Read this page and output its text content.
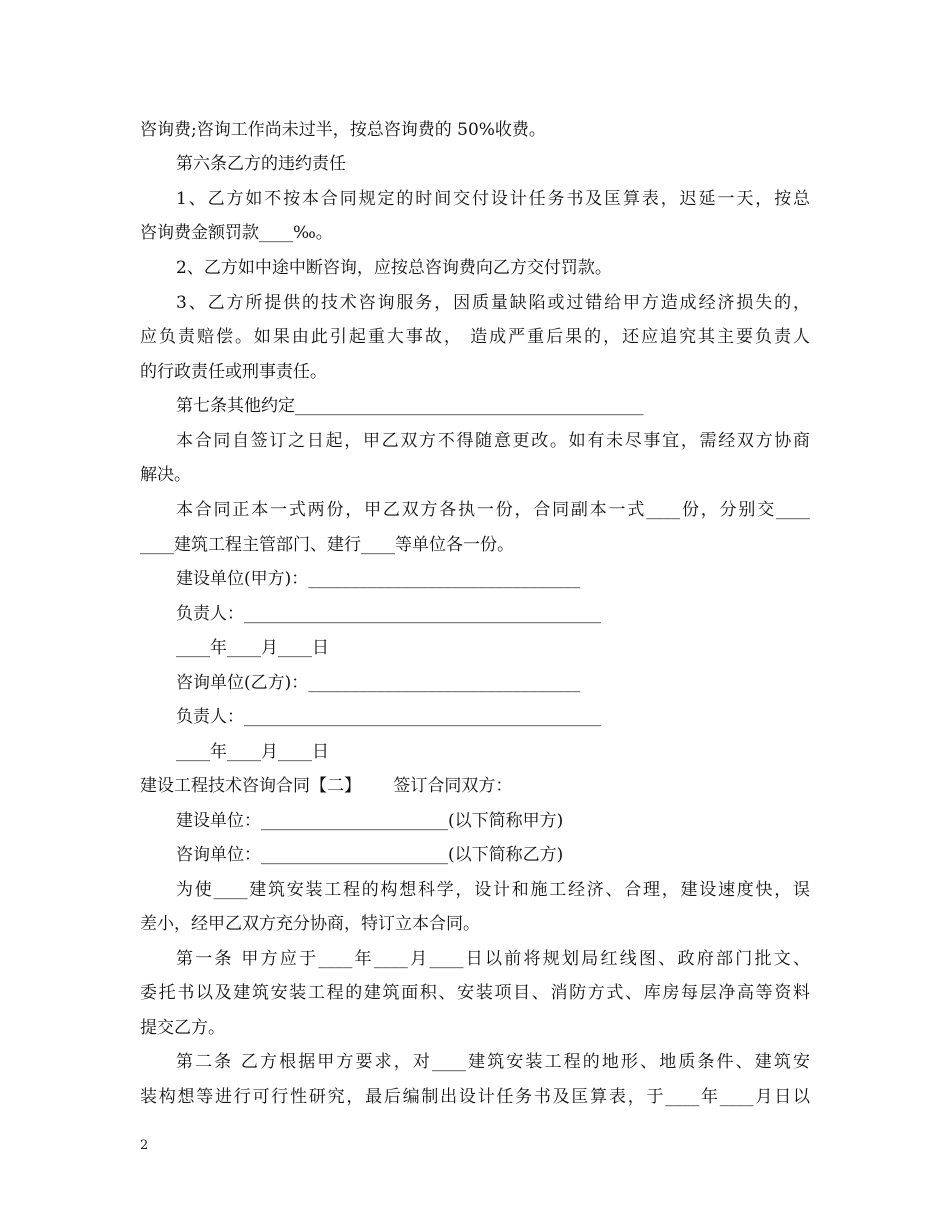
咨询费;咨询工作尚未过半，按总咨询费的 50%收费。
第六条乙方的违约责任
1、乙方如不按本合同规定的时间交付设计任务书及匡算表，迟延一天，按总
咨询费金额罚款____‰。
2、乙方如中途中断咨询，应按总咨询费向乙方交付罚款。
3、乙方所提供的技术咨询服务，因质量缺陷或过错给甲方造成经济损失的，
应负责赔偿。如果由此引起重大事故， 造成严重后果的，还应追究其主要负责人
的行政责任或刑事责任。
第七条其他约定_________________________________________
本合同自签订之日起，甲乙双方不得随意更改。如有未尽事宜，需经双方协商
解决。
本合同正本一式两份，甲乙双方各执一份，合同副本一式____份，分别交____
____建筑工程主管部门、建行____等单位各一份。
建设单位(甲方)：________________________________
负责人：__________________________________________
____年____月____日
咨询单位(乙方)：________________________________
负责人：__________________________________________
____年____月____日
建设工程技术咨询合同【二】      签订合同双方：
建设单位：______________________(以下简称甲方)
咨询单位：______________________(以下简称乙方)
为使____建筑安装工程的构想科学，设计和施工经济、合理，建设速度快，误
差小，经甲乙双方充分协商，特订立本合同。
第一条 甲方应于____年____月____日以前将规划局红线图、政府部门批文、
委托书以及建筑安装工程的建筑面积、安装项目、消防方式、库房每层净高等资料
提交乙方。
第二条 乙方根据甲方要求，对____建筑安装工程的地形、地质条件、建筑安
装构想等进行可行性研究，最后编制出设计任务书及匡算表，于____年____月日以
2
